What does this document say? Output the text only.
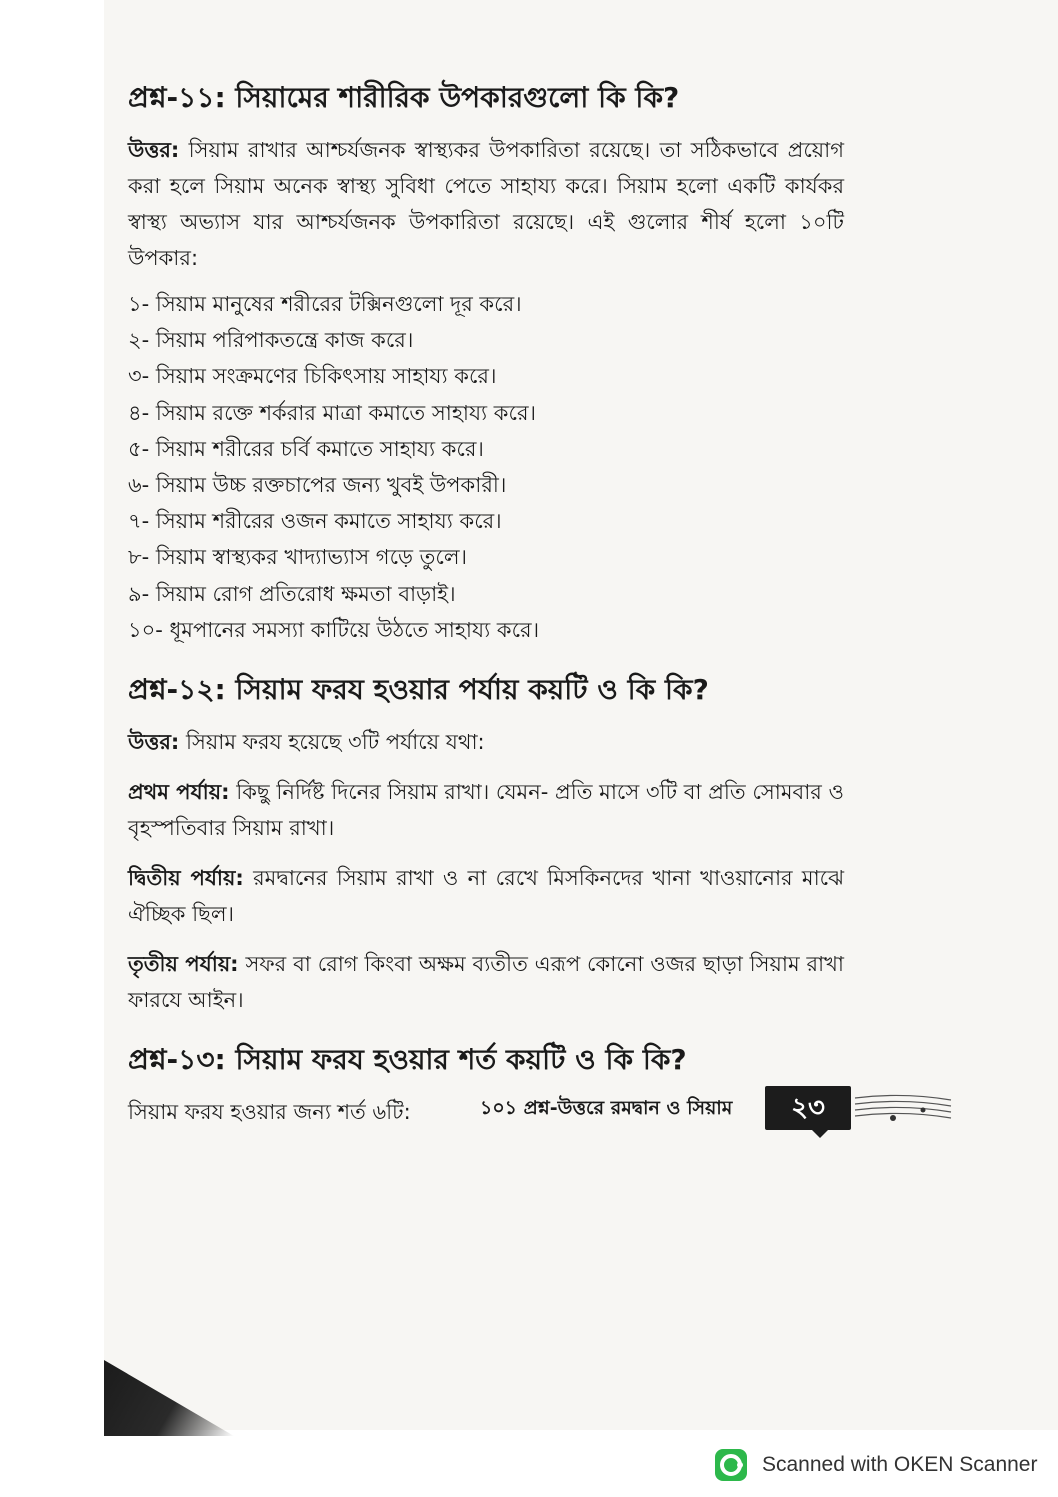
প্রশ্ন-১১: সিয়ামের শারীরিক উপকারগুলো কি কি?

উত্তর: সিয়াম রাখার আশ্চর্যজনক স্বাস্থ্যকর উপকারিতা রয়েছে। তা সঠিকভাবে প্রয়োগ করা হলে সিয়াম অনেক স্বাস্থ্য সুবিধা পেতে সাহায্য করে। সিয়াম হলো একটি কার্যকর স্বাস্থ্য অভ্যাস যার আশ্চর্যজনক উপকারিতা রয়েছে। এই গুলোর শীর্ষ হলো ১০টি উপকার:

১- সিয়াম মানুষের শরীরের টক্সিনগুলো দূর করে।
২- সিয়াম পরিপাকতন্ত্রে কাজ করে।
৩- সিয়াম সংক্রমণের চিকিৎসায় সাহায্য করে।
৪- সিয়াম রক্তে শর্করার মাত্রা কমাতে সাহায্য করে।
৫- সিয়াম শরীরের চর্বি কমাতে সাহায্য করে।
৬- সিয়াম উচ্চ রক্তচাপের জন্য খুবই উপকারী।
৭- সিয়াম শরীরের ওজন কমাতে সাহায্য করে।
৮- সিয়াম স্বাস্থ্যকর খাদ্যাভ্যাস গড়ে তুলে।
৯- সিয়াম রোগ প্রতিরোধ ক্ষমতা বাড়াই।
১০- ধূমপানের সমস্যা কাটিয়ে উঠতে সাহায্য করে।
প্রশ্ন-১২: সিয়াম ফরয হওয়ার পর্যায় কয়টি ও কি কি?

উত্তর: সিয়াম ফরয হয়েছে ৩টি পর্যায়ে যথা:

প্রথম পর্যায়: কিছু নির্দিষ্ট দিনের সিয়াম রাখা। যেমন- প্রতি মাসে ৩টি বা প্রতি সোমবার ও বৃহস্পতিবার সিয়াম রাখা।

দ্বিতীয় পর্যায়: রমদ্বানের সিয়াম রাখা ও না রেখে মিসকিনদের খানা খাওয়ানোর মাঝে ঐচ্ছিক ছিল।

তৃতীয় পর্যায়: সফর বা রোগ কিংবা অক্ষম ব্যতীত এরূপ কোনো ওজর ছাড়া সিয়াম রাখা ফারযে আইন।

প্রশ্ন-১৩: সিয়াম ফরয হওয়ার শর্ত কয়টি ও কি কি?

সিয়াম ফরয হওয়ার জন্য শর্ত ৬টি:	১০১ প্রশ্ন-উত্তরে রমদ্বান ও সিয়াম	২৩
Scanned with OKEN Scanner
